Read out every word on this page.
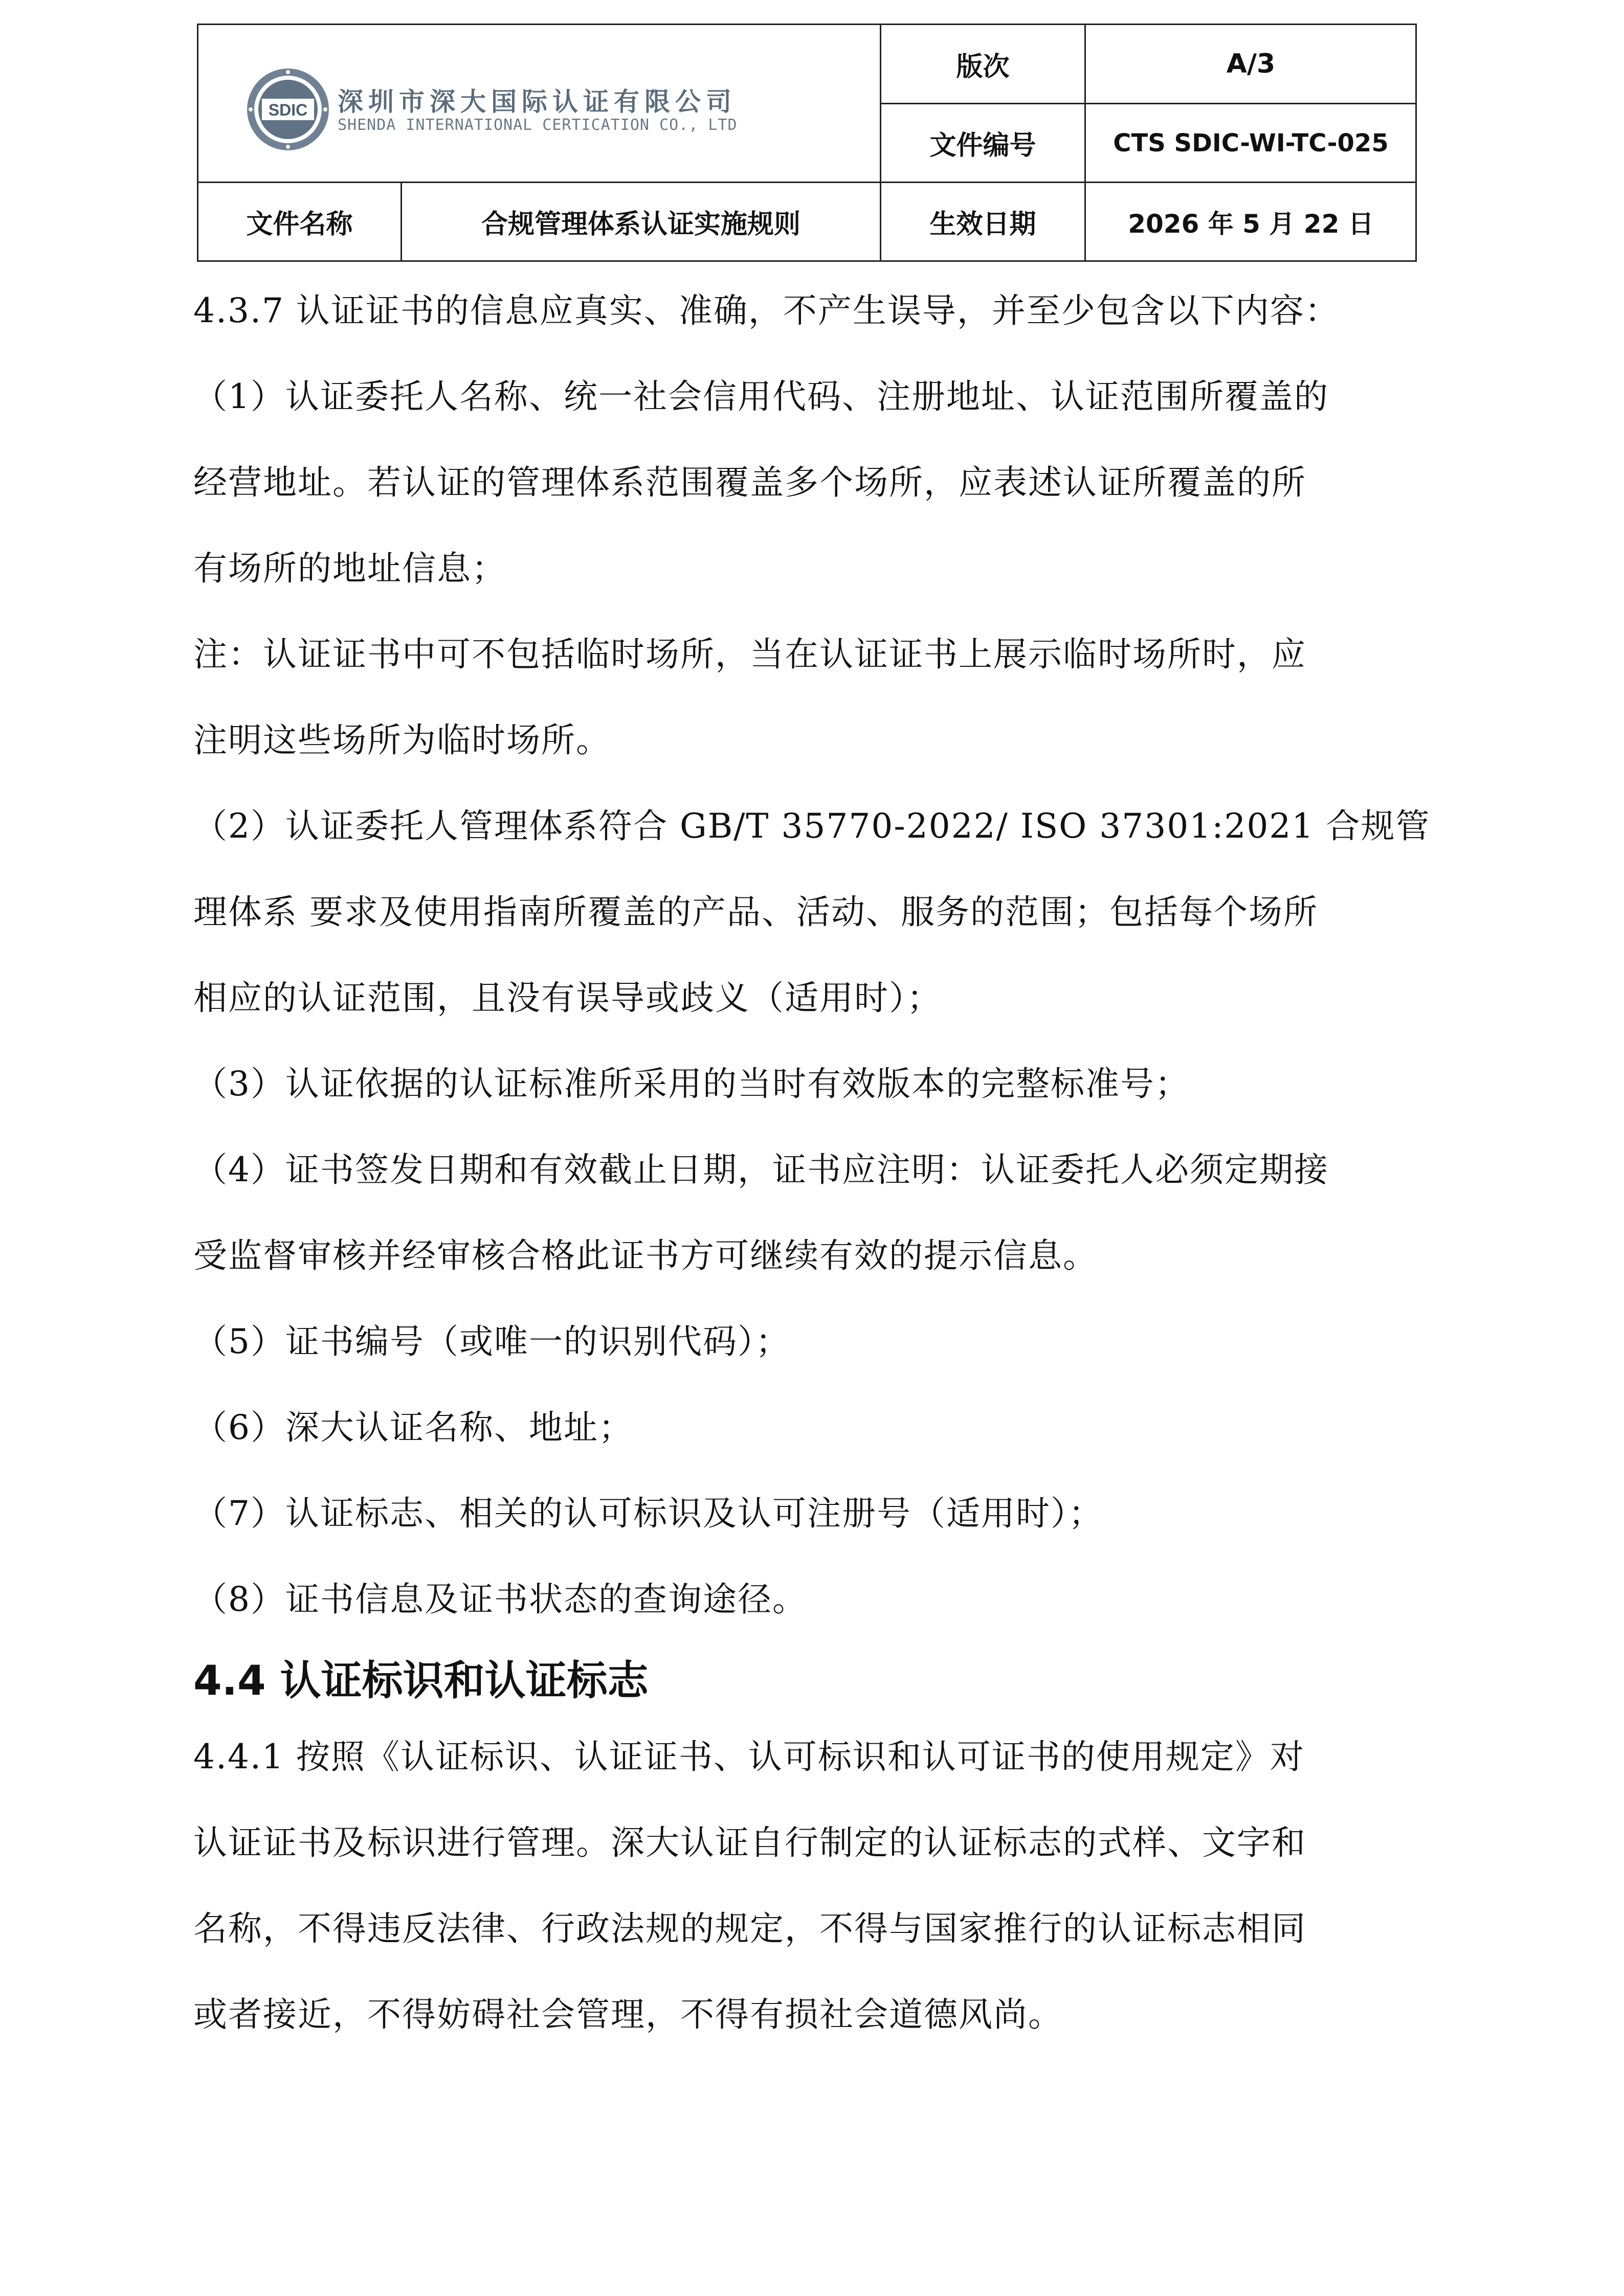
SDIC 深圳市深大国际认证有限公司
SHENDA INTERNATIONAL CERTICATION CO., LTD
版次	A/3
文件编号	CTS SDIC-WI-TC-025
文件名称	合规管理体系认证实施规则	生效日期	2026 年 5 月 22 日
4.3.7 认证证书的信息应真实、准确，不产生误导，并至少包含以下内容：
（1）认证委托人名称、统一社会信用代码、注册地址、认证范围所覆盖的
经营地址。若认证的管理体系范围覆盖多个场所，应表述认证所覆盖的所
有场所的地址信息；
注：认证证书中可不包括临时场所，当在认证证书上展示临时场所时，应
注明这些场所为临时场所。
（2）认证委托人管理体系符合 GB/T 35770-2022/ ISO 37301:2021 合规管
理体系 要求及使用指南所覆盖的产品、活动、服务的范围；包括每个场所
相应的认证范围，且没有误导或歧义（适用时）；
（3）认证依据的认证标准所采用的当时有效版本的完整标准号；
（4）证书签发日期和有效截止日期，证书应注明：认证委托人必须定期接
受监督审核并经审核合格此证书方可继续有效的提示信息。
（5）证书编号（或唯一的识别代码）；
（6）深大认证名称、地址；
（7）认证标志、相关的认可标识及认可注册号（适用时）；
（8）证书信息及证书状态的查询途径。
4.4 认证标识和认证标志
4.4.1 按照《认证标识、认证证书、认可标识和认可证书的使用规定》对
认证证书及标识进行管理。深大认证自行制定的认证标志的式样、文字和
名称，不得违反法律、行政法规的规定，不得与国家推行的认证标志相同
或者接近，不得妨碍社会管理，不得有损社会道德风尚。
